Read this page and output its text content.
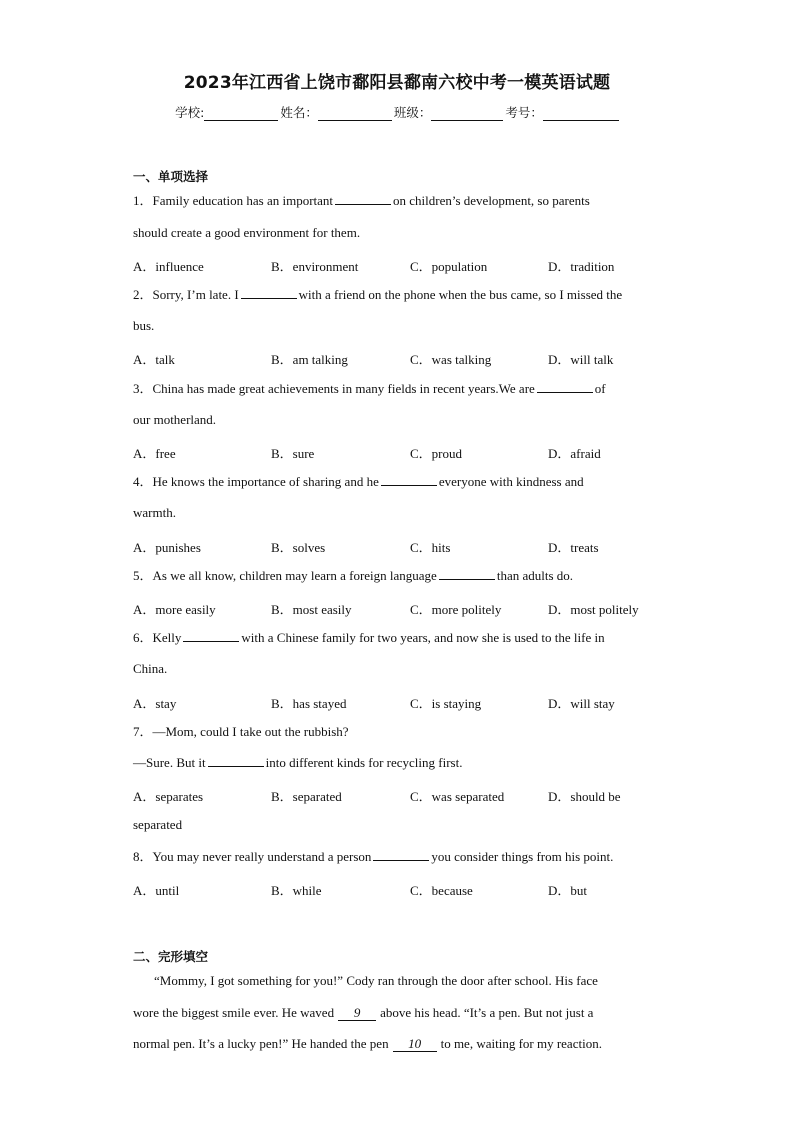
2023年江西省上饶市鄱阳县鄱南六校中考一模英语试题
学校:	姓名：	班级：	考号：
一、单项选择
1．Family education has an important	on children’s development, so parents
should create a good environment for them.
A．influence	B．environment	C．population	D．tradition
2．Sorry, I’m late. I	with a friend on the phone when the bus came, so I missed the
bus.
A．talk	B．am talking	C．was talking	D．will talk
3．China has made great achievements in many fields in recent years.We are	of
our motherland.
A．free	B．sure	C．proud	D．afraid
4．He knows the importance of sharing and he	everyone with kindness and
warmth.
A．punishes	B．solves	C．hits	D．treats
5．As we all know, children may learn a foreign language	than adults do.
A．more easily	B．most easily	C．more politely	D．most politely
6．Kelly	with a Chinese family for two years, and now she is used to the life in
China.
A．stay	B．has stayed	C．is staying	D．will stay
7．—Mom, could I take out the rubbish?
—Sure. But it	into different kinds for recycling first.
A．separates	B．separated	C．was separated	D．should be
separated
8．You may never really understand a person	you consider things from his point.
A．until	B．while	C．because	D．but
二、完形填空
“Mommy, I got something for you!” Cody ran through the door after school. His face
wore the biggest smile ever. He waved 9 above his head. “It’s a pen. But not just a
normal pen. It’s a lucky pen!” He handed the pen 10 to me, waiting for my reaction.
